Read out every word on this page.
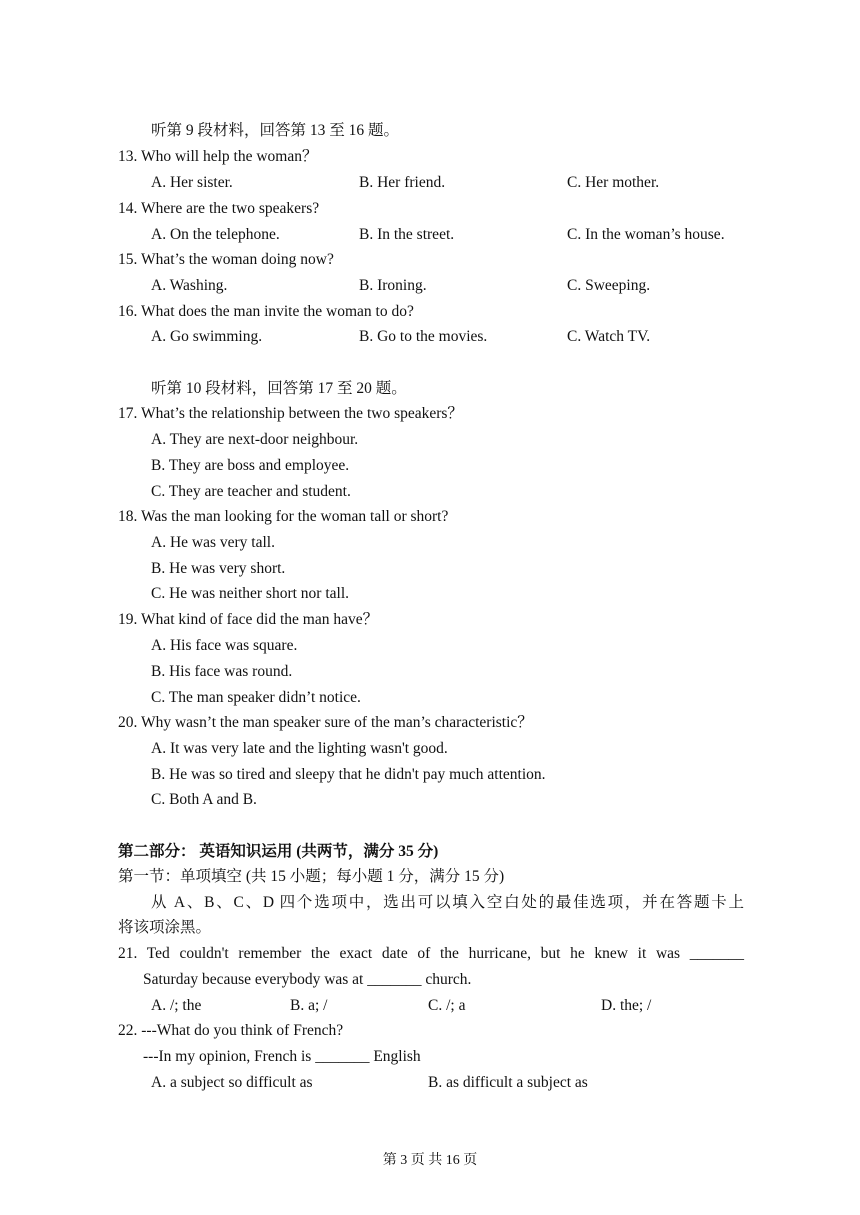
听第 9 段材料，回答第 13 至 16 题。
13. Who will help the woman？
A. Her sister.	B. Her friend.	C. Her mother.
14. Where are the two speakers?
A. On the telephone.	B. In the street.	C. In the woman’s house.
15. What’s the woman doing now?
A. Washing.	B. Ironing.	C. Sweeping.
16. What does the man invite the woman to do?
A. Go swimming.	B. Go to the movies.	C. Watch TV.
听第 10 段材料，回答第 17 至 20 题。
17. What’s the relationship between the two speakers？
A. They are next-door neighbour.
B. They are boss and employee.
C. They are teacher and student.
18. Was the man looking for the woman tall or short?
A. He was very tall.
B. He was very short.
C. He was neither short nor tall.
19. What kind of face did the man have？
A. His face was square.
B. His face was round.
C. The man speaker didn’t notice.
20. Why wasn’t the man speaker sure of the man’s characteristic？
A. It was very late and the lighting wasn't good.
B. He was so tired and sleepy that he didn't pay much attention.
C. Both A and B.
第二部分： 英语知识运用 (共两节，满分 35 分)
第一节：单项填空 (共 15 小题；每小题 1 分，满分 15 分)
从 A、B、C、D 四个选项中，选出可以填入空白处的最佳选项，并在答题卡上
将该项涂黑。
21. Ted couldn't remember the exact date of the hurricane, but he knew it was _______
Saturday because everybody was at _______ church.
A. /; the	B. a; /	C. /; a	D. the; /
22. ---What do you think of French?
---In my opinion, French is _______ English
A. a subject so difficult as	B. as difficult a subject as
第 3 页 共 16 页
